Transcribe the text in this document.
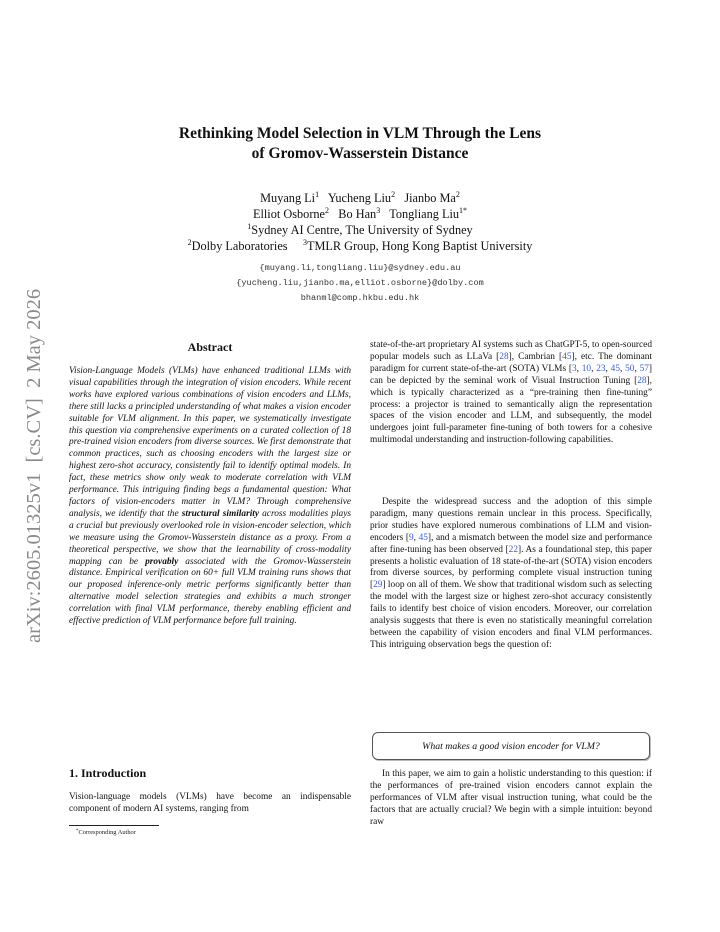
arXiv:2605.01325v1  [cs.CV]  2 May 2026
Rethinking Model Selection in VLM Through the Lens
of Gromov-Wasserstein Distance
Muyang Li$^1$ Yucheng Liu$^2$ Jianbo Ma$^2$
Elliot Osborne$^2$ Bo Han$^3$ Tongliang Liu$^{1*}$
$^1$Sydney AI Centre, The University of Sydney
$^2$Dolby Laboratories $^3$TMLR Group, Hong Kong Baptist University
{muyang.li,tongliang.liu}@sydney.edu.au
{yucheng.liu,jianbo.ma,elliot.osborne}@dolby.com
bhanml@comp.hkbu.edu.hk
Abstract
Vision-Language Models (VLMs) have enhanced traditional LLMs with visual capabilities through the integration of vision encoders. While recent works have explored various combinations of vision encoders and LLMs, there still lacks a principled understanding of what makes a vision encoder suitable for VLM alignment. In this paper, we systematically investigate this question via comprehensive experiments on a curated collection of 18 pre-trained vision encoders from diverse sources. We first demonstrate that common practices, such as choosing encoders with the largest size or highest zero-shot accuracy, consistently fail to identify optimal models. In fact, these metrics show only weak to moderate correlation with VLM performance. This intriguing finding begs a fundamental question: What factors of vision-encoders matter in VLM? Through comprehensive analysis, we identify that the structural similarity across modalities plays a crucial but previously overlooked role in vision-encoder selection, which we measure using the Gromov-Wasserstein distance as a proxy. From a theoretical perspective, we show that the learnability of cross-modality mapping can be provably associated with the Gromov-Wasserstein distance. Empirical verification on 60+ full VLM training runs shows that our proposed inference-only metric performs significantly better than alternative model selection strategies and exhibits a much stronger correlation with final VLM performance, thereby enabling efficient and effective prediction of VLM performance before full training.
1. Introduction
Vision-language models (VLMs) have become an indispensable component of modern AI systems, ranging from
*Corresponding Author
state-of-the-art proprietary AI systems such as ChatGPT-5, to open-sourced popular models such as LLaVa [28], Cambrian [45], etc. The dominant paradigm for current state-of-the-art (SOTA) VLMs [3, 10, 23, 45, 50, 57] can be depicted by the seminal work of Visual Instruction Tuning [28], which is typically characterized as a “pre-training then fine-tuning” process: a projector is trained to semantically align the representation spaces of the vision encoder and LLM, and subsequently, the model undergoes joint full-parameter fine-tuning of both towers for a cohesive multimodal understanding and instruction-following capabilities.
Despite the widespread success and the adoption of this simple paradigm, many questions remain unclear in this process. Specifically, prior studies have explored numerous combinations of LLM and vision-encoders [9, 45], and a mismatch between the model size and performance after fine-tuning has been observed [22]. As a foundational step, this paper presents a holistic evaluation of 18 state-of-the-art (SOTA) vision encoders from diverse sources, by performing complete visual instruction tuning [29] loop on all of them. We show that traditional wisdom such as selecting the model with the largest size or highest zero-shot accuracy consistently fails to identify best choice of vision encoders. Moreover, our correlation analysis suggests that there is even no statistically meaningful correlation between the capability of vision encoders and final VLM performances. This intriguing observation begs the question of:
What makes a good vision encoder for VLM?
In this paper, we aim to gain a holistic understanding to this question: if the performances of pre-trained vision encoders cannot explain the performances of VLM after visual instruction tuning, what could be the factors that are actually crucial? We begin with a simple intuition: beyond raw
